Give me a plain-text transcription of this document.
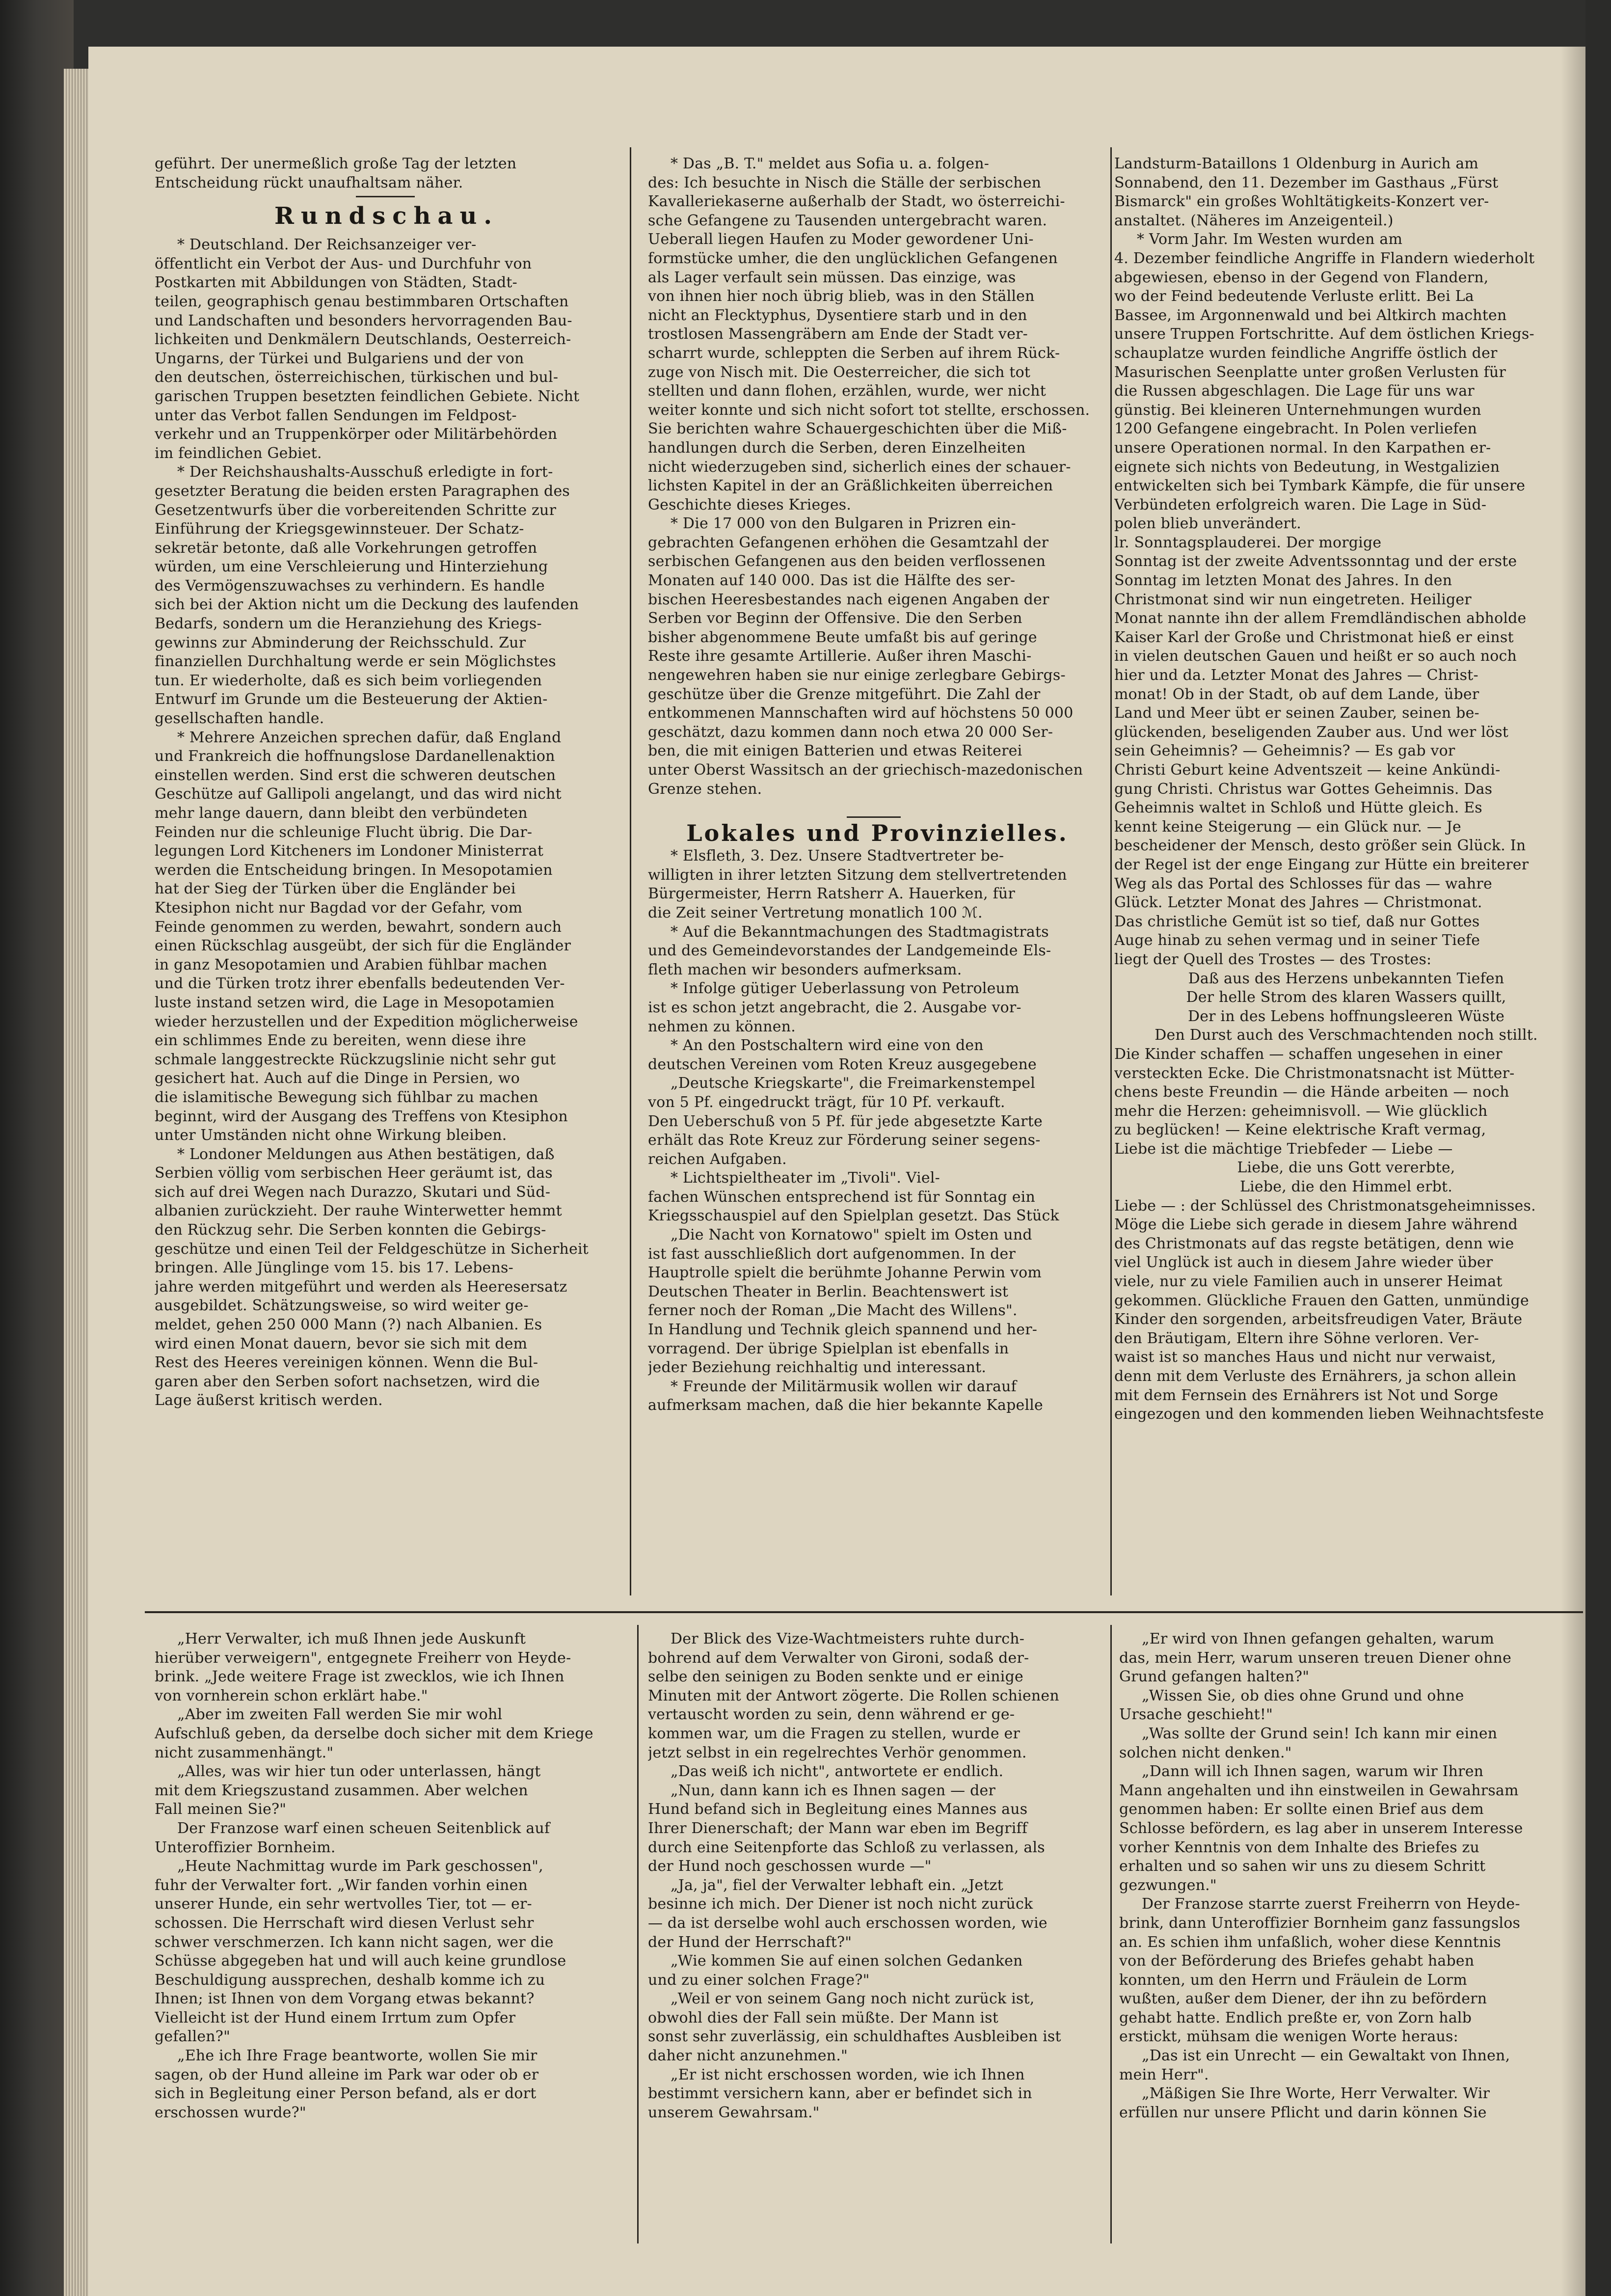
geführt. Der unermeßlich große Tag der letzten
Entscheidung rückt unaufhaltsam näher.
Rundschau.
* Deutschland. Der Reichsanzeiger ver-
öffentlicht ein Verbot der Aus- und Durchfuhr von
Postkarten mit Abbildungen von Städten, Stadt-
teilen, geographisch genau bestimmbaren Ortschaften
und Landschaften und besonders hervorragenden Bau-
lichkeiten und Denkmälern Deutschlands, Oesterreich-
Ungarns, der Türkei und Bulgariens und der von
den deutschen, österreichischen, türkischen und bul-
garischen Truppen besetzten feindlichen Gebiete. Nicht
unter das Verbot fallen Sendungen im Feldpost-
verkehr und an Truppenkörper oder Militärbehörden
im feindlichen Gebiet.
* Der Reichshaushalts-Ausschuß erledigte in fort-
gesetzter Beratung die beiden ersten Paragraphen des
Gesetzentwurfs über die vorbereitenden Schritte zur
Einführung der Kriegsgewinnsteuer. Der Schatz-
sekretär betonte, daß alle Vorkehrungen getroffen
würden, um eine Verschleierung und Hinterziehung
des Vermögenszuwachses zu verhindern. Es handle
sich bei der Aktion nicht um die Deckung des laufenden
Bedarfs, sondern um die Heranziehung des Kriegs-
gewinns zur Abminderung der Reichsschuld. Zur
finanziellen Durchhaltung werde er sein Möglichstes
tun. Er wiederholte, daß es sich beim vorliegenden
Entwurf im Grunde um die Besteuerung der Aktien-
gesellschaften handle.
* Mehrere Anzeichen sprechen dafür, daß England
und Frankreich die hoffnungslose Dardanellenaktion
einstellen werden. Sind erst die schweren deutschen
Geschütze auf Gallipoli angelangt, und das wird nicht
mehr lange dauern, dann bleibt den verbündeten
Feinden nur die schleunige Flucht übrig. Die Dar-
legungen Lord Kitcheners im Londoner Ministerrat
werden die Entscheidung bringen. In Mesopotamien
hat der Sieg der Türken über die Engländer bei
Ktesiphon nicht nur Bagdad vor der Gefahr, vom
Feinde genommen zu werden, bewahrt, sondern auch
einen Rückschlag ausgeübt, der sich für die Engländer
in ganz Mesopotamien und Arabien fühlbar machen
und die Türken trotz ihrer ebenfalls bedeutenden Ver-
luste instand setzen wird, die Lage in Mesopotamien
wieder herzustellen und der Expedition möglicherweise
ein schlimmes Ende zu bereiten, wenn diese ihre
schmale langgestreckte Rückzugslinie nicht sehr gut
gesichert hat. Auch auf die Dinge in Persien, wo
die islamitische Bewegung sich fühlbar zu machen
beginnt, wird der Ausgang des Treffens von Ktesiphon
unter Umständen nicht ohne Wirkung bleiben.
* Londoner Meldungen aus Athen bestätigen, daß
Serbien völlig vom serbischen Heer geräumt ist, das
sich auf drei Wegen nach Durazzo, Skutari und Süd-
albanien zurückzieht. Der rauhe Winterwetter hemmt
den Rückzug sehr. Die Serben konnten die Gebirgs-
geschütze und einen Teil der Feldgeschütze in Sicherheit
bringen. Alle Jünglinge vom 15. bis 17. Lebens-
jahre werden mitgeführt und werden als Heeresersatz
ausgebildet. Schätzungsweise, so wird weiter ge-
meldet, gehen 250 000 Mann (?) nach Albanien. Es
wird einen Monat dauern, bevor sie sich mit dem
Rest des Heeres vereinigen können. Wenn die Bul-
garen aber den Serben sofort nachsetzen, wird die
Lage äußerst kritisch werden.
* Das „B. T." meldet aus Sofia u. a. folgen-
des: Ich besuchte in Nisch die Ställe der serbischen
Kavalleriekaserne außerhalb der Stadt, wo österreichi-
sche Gefangene zu Tausenden untergebracht waren.
Ueberall liegen Haufen zu Moder gewordener Uni-
formstücke umher, die den unglücklichen Gefangenen
als Lager verfault sein müssen. Das einzige, was
von ihnen hier noch übrig blieb, was in den Ställen
nicht an Flecktyphus, Dysentiere starb und in den
trostlosen Massengräbern am Ende der Stadt ver-
scharrt wurde, schleppten die Serben auf ihrem Rück-
zuge von Nisch mit. Die Oesterreicher, die sich tot
stellten und dann flohen, erzählen, wurde, wer nicht
weiter konnte und sich nicht sofort tot stellte, erschossen.
Sie berichten wahre Schauergeschichten über die Miß-
handlungen durch die Serben, deren Einzelheiten
nicht wiederzugeben sind, sicherlich eines der schauer-
lichsten Kapitel in der an Gräßlichkeiten überreichen
Geschichte dieses Krieges.
* Die 17 000 von den Bulgaren in Prizren ein-
gebrachten Gefangenen erhöhen die Gesamtzahl der
serbischen Gefangenen aus den beiden verflossenen
Monaten auf 140 000. Das ist die Hälfte des ser-
bischen Heeresbestandes nach eigenen Angaben der
Serben vor Beginn der Offensive. Die den Serben
bisher abgenommene Beute umfaßt bis auf geringe
Reste ihre gesamte Artillerie. Außer ihren Maschi-
nengewehren haben sie nur einige zerlegbare Gebirgs-
geschütze über die Grenze mitgeführt. Die Zahl der
entkommenen Mannschaften wird auf höchstens 50 000
geschätzt, dazu kommen dann noch etwa 20 000 Ser-
ben, die mit einigen Batterien und etwas Reiterei
unter Oberst Wassitsch an der griechisch-mazedonischen
Grenze stehen.
Lokales und Provinzielles.
* Elsfleth, 3. Dez. Unsere Stadtvertreter be-
willigten in ihrer letzten Sitzung dem stellvertretenden
Bürgermeister, Herrn Ratsherr A. Hauerken, für
die Zeit seiner Vertretung monatlich 100 ℳ.
* Auf die Bekanntmachungen des Stadtmagistrats
und des Gemeindevorstandes der Landgemeinde Els-
fleth machen wir besonders aufmerksam.
* Infolge gütiger Ueberlassung von Petroleum
ist es schon jetzt angebracht, die 2. Ausgabe vor-
nehmen zu können.
* An den Postschaltern wird eine von den
deutschen Vereinen vom Roten Kreuz ausgegebene
„Deutsche Kriegskarte", die Freimarkenstempel
von 5 Pf. eingedruckt trägt, für 10 Pf. verkauft.
Den Ueberschuß von 5 Pf. für jede abgesetzte Karte
erhält das Rote Kreuz zur Förderung seiner segens-
reichen Aufgaben.
* Lichtspieltheater im „Tivoli". Viel-
fachen Wünschen entsprechend ist für Sonntag ein
Kriegsschauspiel auf den Spielplan gesetzt. Das Stück
„Die Nacht von Kornatowo" spielt im Osten und
ist fast ausschließlich dort aufgenommen. In der
Hauptrolle spielt die berühmte Johanne Perwin vom
Deutschen Theater in Berlin. Beachtenswert ist
ferner noch der Roman „Die Macht des Willens".
In Handlung und Technik gleich spannend und her-
vorragend. Der übrige Spielplan ist ebenfalls in
jeder Beziehung reichhaltig und interessant.
* Freunde der Militärmusik wollen wir darauf
aufmerksam machen, daß die hier bekannte Kapelle
Landsturm-Bataillons 1 Oldenburg in Aurich am
Sonnabend, den 11. Dezember im Gasthaus „Fürst
Bismarck" ein großes Wohltätigkeits-Konzert ver-
anstaltet. (Näheres im Anzeigenteil.)
* Vorm Jahr. Im Westen wurden am
4. Dezember feindliche Angriffe in Flandern wiederholt
abgewiesen, ebenso in der Gegend von Flandern,
wo der Feind bedeutende Verluste erlitt. Bei La
Bassee, im Argonnenwald und bei Altkirch machten
unsere Truppen Fortschritte. Auf dem östlichen Kriegs-
schauplatze wurden feindliche Angriffe östlich der
Masurischen Seenplatte unter großen Verlusten für
die Russen abgeschlagen. Die Lage für uns war
günstig. Bei kleineren Unternehmungen wurden
1200 Gefangene eingebracht. In Polen verliefen
unsere Operationen normal. In den Karpathen er-
eignete sich nichts von Bedeutung, in Westgalizien
entwickelten sich bei Tymbark Kämpfe, die für unsere
Verbündeten erfolgreich waren. Die Lage in Süd-
polen blieb unverändert.
lr. Sonntagsplauderei. Der morgige
Sonntag ist der zweite Adventssonntag und der erste
Sonntag im letzten Monat des Jahres. In den
Christmonat sind wir nun eingetreten. Heiliger
Monat nannte ihn der allem Fremdländischen abholde
Kaiser Karl der Große und Christmonat hieß er einst
in vielen deutschen Gauen und heißt er so auch noch
hier und da. Letzter Monat des Jahres — Christ-
monat! Ob in der Stadt, ob auf dem Lande, über
Land und Meer übt er seinen Zauber, seinen be-
glückenden, beseligenden Zauber aus. Und wer löst
sein Geheimnis? — Geheimnis? — Es gab vor
Christi Geburt keine Adventszeit — keine Ankündi-
gung Christi. Christus war Gottes Geheimnis. Das
Geheimnis waltet in Schloß und Hütte gleich. Es
kennt keine Steigerung — ein Glück nur. — Je
bescheidener der Mensch, desto größer sein Glück. In
der Regel ist der enge Eingang zur Hütte ein breiterer
Weg als das Portal des Schlosses für das — wahre
Glück. Letzter Monat des Jahres — Christmonat.
Das christliche Gemüt ist so tief, daß nur Gottes
Auge hinab zu sehen vermag und in seiner Tiefe
liegt der Quell des Trostes — des Trostes:
Daß aus des Herzens unbekannten Tiefen
Der helle Strom des klaren Wassers quillt,
Der in des Lebens hoffnungsleeren Wüste
Den Durst auch des Verschmachtenden noch stillt.
Die Kinder schaffen — schaffen ungesehen in einer
versteckten Ecke. Die Christmonatsnacht ist Mütter-
chens beste Freundin — die Hände arbeiten — noch
mehr die Herzen: geheimnisvoll. — Wie glücklich
zu beglücken! — Keine elektrische Kraft vermag,
Liebe ist die mächtige Triebfeder — Liebe —
Liebe, die uns Gott vererbte,
Liebe, die den Himmel erbt.
Liebe — : der Schlüssel des Christmonatsgeheimnisses.
Möge die Liebe sich gerade in diesem Jahre während
des Christmonats auf das regste betätigen, denn wie
viel Unglück ist auch in diesem Jahre wieder über
viele, nur zu viele Familien auch in unserer Heimat
gekommen. Glückliche Frauen den Gatten, unmündige
Kinder den sorgenden, arbeitsfreudigen Vater, Bräute
den Bräutigam, Eltern ihre Söhne verloren. Ver-
waist ist so manches Haus und nicht nur verwaist,
denn mit dem Verluste des Ernährers, ja schon allein
mit dem Fernsein des Ernährers ist Not und Sorge
eingezogen und den kommenden lieben Weihnachtsfeste
„Herr Verwalter, ich muß Ihnen jede Auskunft
hierüber verweigern", entgegnete Freiherr von Heyde-
brink. „Jede weitere Frage ist zwecklos, wie ich Ihnen
von vornherein schon erklärt habe."
„Aber im zweiten Fall werden Sie mir wohl
Aufschluß geben, da derselbe doch sicher mit dem Kriege
nicht zusammenhängt."
„Alles, was wir hier tun oder unterlassen, hängt
mit dem Kriegszustand zusammen. Aber welchen
Fall meinen Sie?"
Der Franzose warf einen scheuen Seitenblick auf
Unteroffizier Bornheim.
„Heute Nachmittag wurde im Park geschossen",
fuhr der Verwalter fort. „Wir fanden vorhin einen
unserer Hunde, ein sehr wertvolles Tier, tot — er-
schossen. Die Herrschaft wird diesen Verlust sehr
schwer verschmerzen. Ich kann nicht sagen, wer die
Schüsse abgegeben hat und will auch keine grundlose
Beschuldigung aussprechen, deshalb komme ich zu
Ihnen; ist Ihnen von dem Vorgang etwas bekannt?
Vielleicht ist der Hund einem Irrtum zum Opfer
gefallen?"
„Ehe ich Ihre Frage beantworte, wollen Sie mir
sagen, ob der Hund alleine im Park war oder ob er
sich in Begleitung einer Person befand, als er dort
erschossen wurde?"
Der Blick des Vize-Wachtmeisters ruhte durch-
bohrend auf dem Verwalter von Gironi, sodaß der-
selbe den seinigen zu Boden senkte und er einige
Minuten mit der Antwort zögerte. Die Rollen schienen
vertauscht worden zu sein, denn während er ge-
kommen war, um die Fragen zu stellen, wurde er
jetzt selbst in ein regelrechtes Verhör genommen.
„Das weiß ich nicht", antwortete er endlich.
„Nun, dann kann ich es Ihnen sagen — der
Hund befand sich in Begleitung eines Mannes aus
Ihrer Dienerschaft; der Mann war eben im Begriff
durch eine Seitenpforte das Schloß zu verlassen, als
der Hund noch geschossen wurde —"
„Ja, ja", fiel der Verwalter lebhaft ein. „Jetzt
besinne ich mich. Der Diener ist noch nicht zurück
— da ist derselbe wohl auch erschossen worden, wie
der Hund der Herrschaft?"
„Wie kommen Sie auf einen solchen Gedanken
und zu einer solchen Frage?"
„Weil er von seinem Gang noch nicht zurück ist,
obwohl dies der Fall sein müßte. Der Mann ist
sonst sehr zuverlässig, ein schuldhaftes Ausbleiben ist
daher nicht anzunehmen."
„Er ist nicht erschossen worden, wie ich Ihnen
bestimmt versichern kann, aber er befindet sich in
unserem Gewahrsam."
„Er wird von Ihnen gefangen gehalten, warum
das, mein Herr, warum unseren treuen Diener ohne
Grund gefangen halten?"
„Wissen Sie, ob dies ohne Grund und ohne
Ursache geschieht!"
„Was sollte der Grund sein! Ich kann mir einen
solchen nicht denken."
„Dann will ich Ihnen sagen, warum wir Ihren
Mann angehalten und ihn einstweilen in Gewahrsam
genommen haben: Er sollte einen Brief aus dem
Schlosse befördern, es lag aber in unserem Interesse
vorher Kenntnis von dem Inhalte des Briefes zu
erhalten und so sahen wir uns zu diesem Schritt
gezwungen."
Der Franzose starrte zuerst Freiherrn von Heyde-
brink, dann Unteroffizier Bornheim ganz fassungslos
an. Es schien ihm unfaßlich, woher diese Kenntnis
von der Beförderung des Briefes gehabt haben
konnten, um den Herrn und Fräulein de Lorm
wußten, außer dem Diener, der ihn zu befördern
gehabt hatte. Endlich preßte er, von Zorn halb
erstickt, mühsam die wenigen Worte heraus:
„Das ist ein Unrecht — ein Gewaltakt von Ihnen,
mein Herr".
„Mäßigen Sie Ihre Worte, Herr Verwalter. Wir
erfüllen nur unsere Pflicht und darin können Sie
